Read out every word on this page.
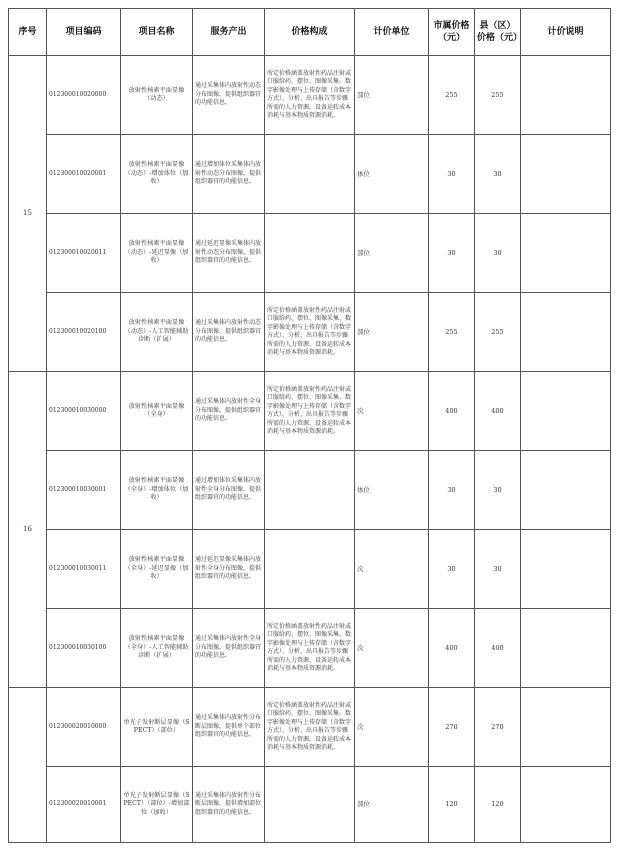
序号	项目编码	项目名称	服务产出	价格构成	计价单位	市属价格（元）	县（区）价格（元）	计价说明
15	012300010020000	放射性核素平面显像（动态）	通过采集体内放射性动态分布图像，提供组织器官的功能信息。	所定价格涵盖放射性药品注射或口服给药、摆位、图像采集、数字影像处理与上传存储（含数字方式）、分析、出具报告等步骤所需的人力资源、设备运转成本消耗与基本物质资源消耗。	部位	255	255	
	012300010020001	放射性核素平面显像（动态）-增加体位（加收）	通过增加体位采集体内放射性动态分布图像，提供组织器官的功能信息。		体位	30	30	
	012300010020011	放射性核素平面显像（动态）-延迟显像（加收）	通过延迟显像采集体内放射性动态分布图像，提供组织器官的功能信息。		部位	30	30	
	012300010020100	放射性核素平面显像（动态）-人工智能辅助诊断（扩展）	通过采集体内放射性动态分布图像，提供组织器官的功能信息。	所定价格涵盖放射性药品注射或口服给药、摆位、图像采集、数字影像处理与上传存储（含数字方式）、分析、出具报告等步骤所需的人力资源、设备运转成本消耗与基本物质资源消耗。	部位	255	255	
16	012300010030000	放射性核素平面显像（全身）	通过采集体内放射性全身分布图像，提供组织器官的功能信息。	所定价格涵盖放射性药品注射或口服给药、摆位、图像采集、数字影像处理与上传存储（含数字方式）、分析、出具报告等步骤所需的人力资源、设备运转成本消耗与基本物质资源消耗。	次	400	400	
	012300010030001	放射性核素平面显像（全身）-增加体位（加收）	通过增加体位采集体内放射性全身分布图像，提供组织器官的功能信息。		体位	30	30	
	012300010030011	放射性核素平面显像（全身）-延迟显像（加收）	通过延迟显像采集体内放射性全身分布图像，提供组织器官的功能信息。		次	30	30	
	012300010030100	放射性核素平面显像（全身）-人工智能辅助诊断（扩展）	通过采集体内放射性全身分布图像，提供组织器官的功能信息。	所定价格涵盖放射性药品注射或口服给药、摆位、图像采集、数字影像处理与上传存储（含数字方式）、分析、出具报告等步骤所需的人力资源、设备运转成本消耗与基本物质资源消耗。	次	400	400	
	012300020010000	单光子发射断层显像（SPECT）（部位）	通过采集体内放射性分布断层图像，提供单个部位组织器官的功能信息。	所定价格涵盖放射性药品注射或口服给药、摆位、图像采集、数字影像处理与上传存储（含数字方式）、分析、出具报告等步骤所需的人力资源、设备运转成本消耗与基本物质资源消耗。	次	270	270	
	012300020010001	单光子发射断层显像（SPECT）（部位）-增加部位（加收）	通过采集体内放射性分布断层图像，提供增加部位组织器官的功能信息。		部位	120	120	
